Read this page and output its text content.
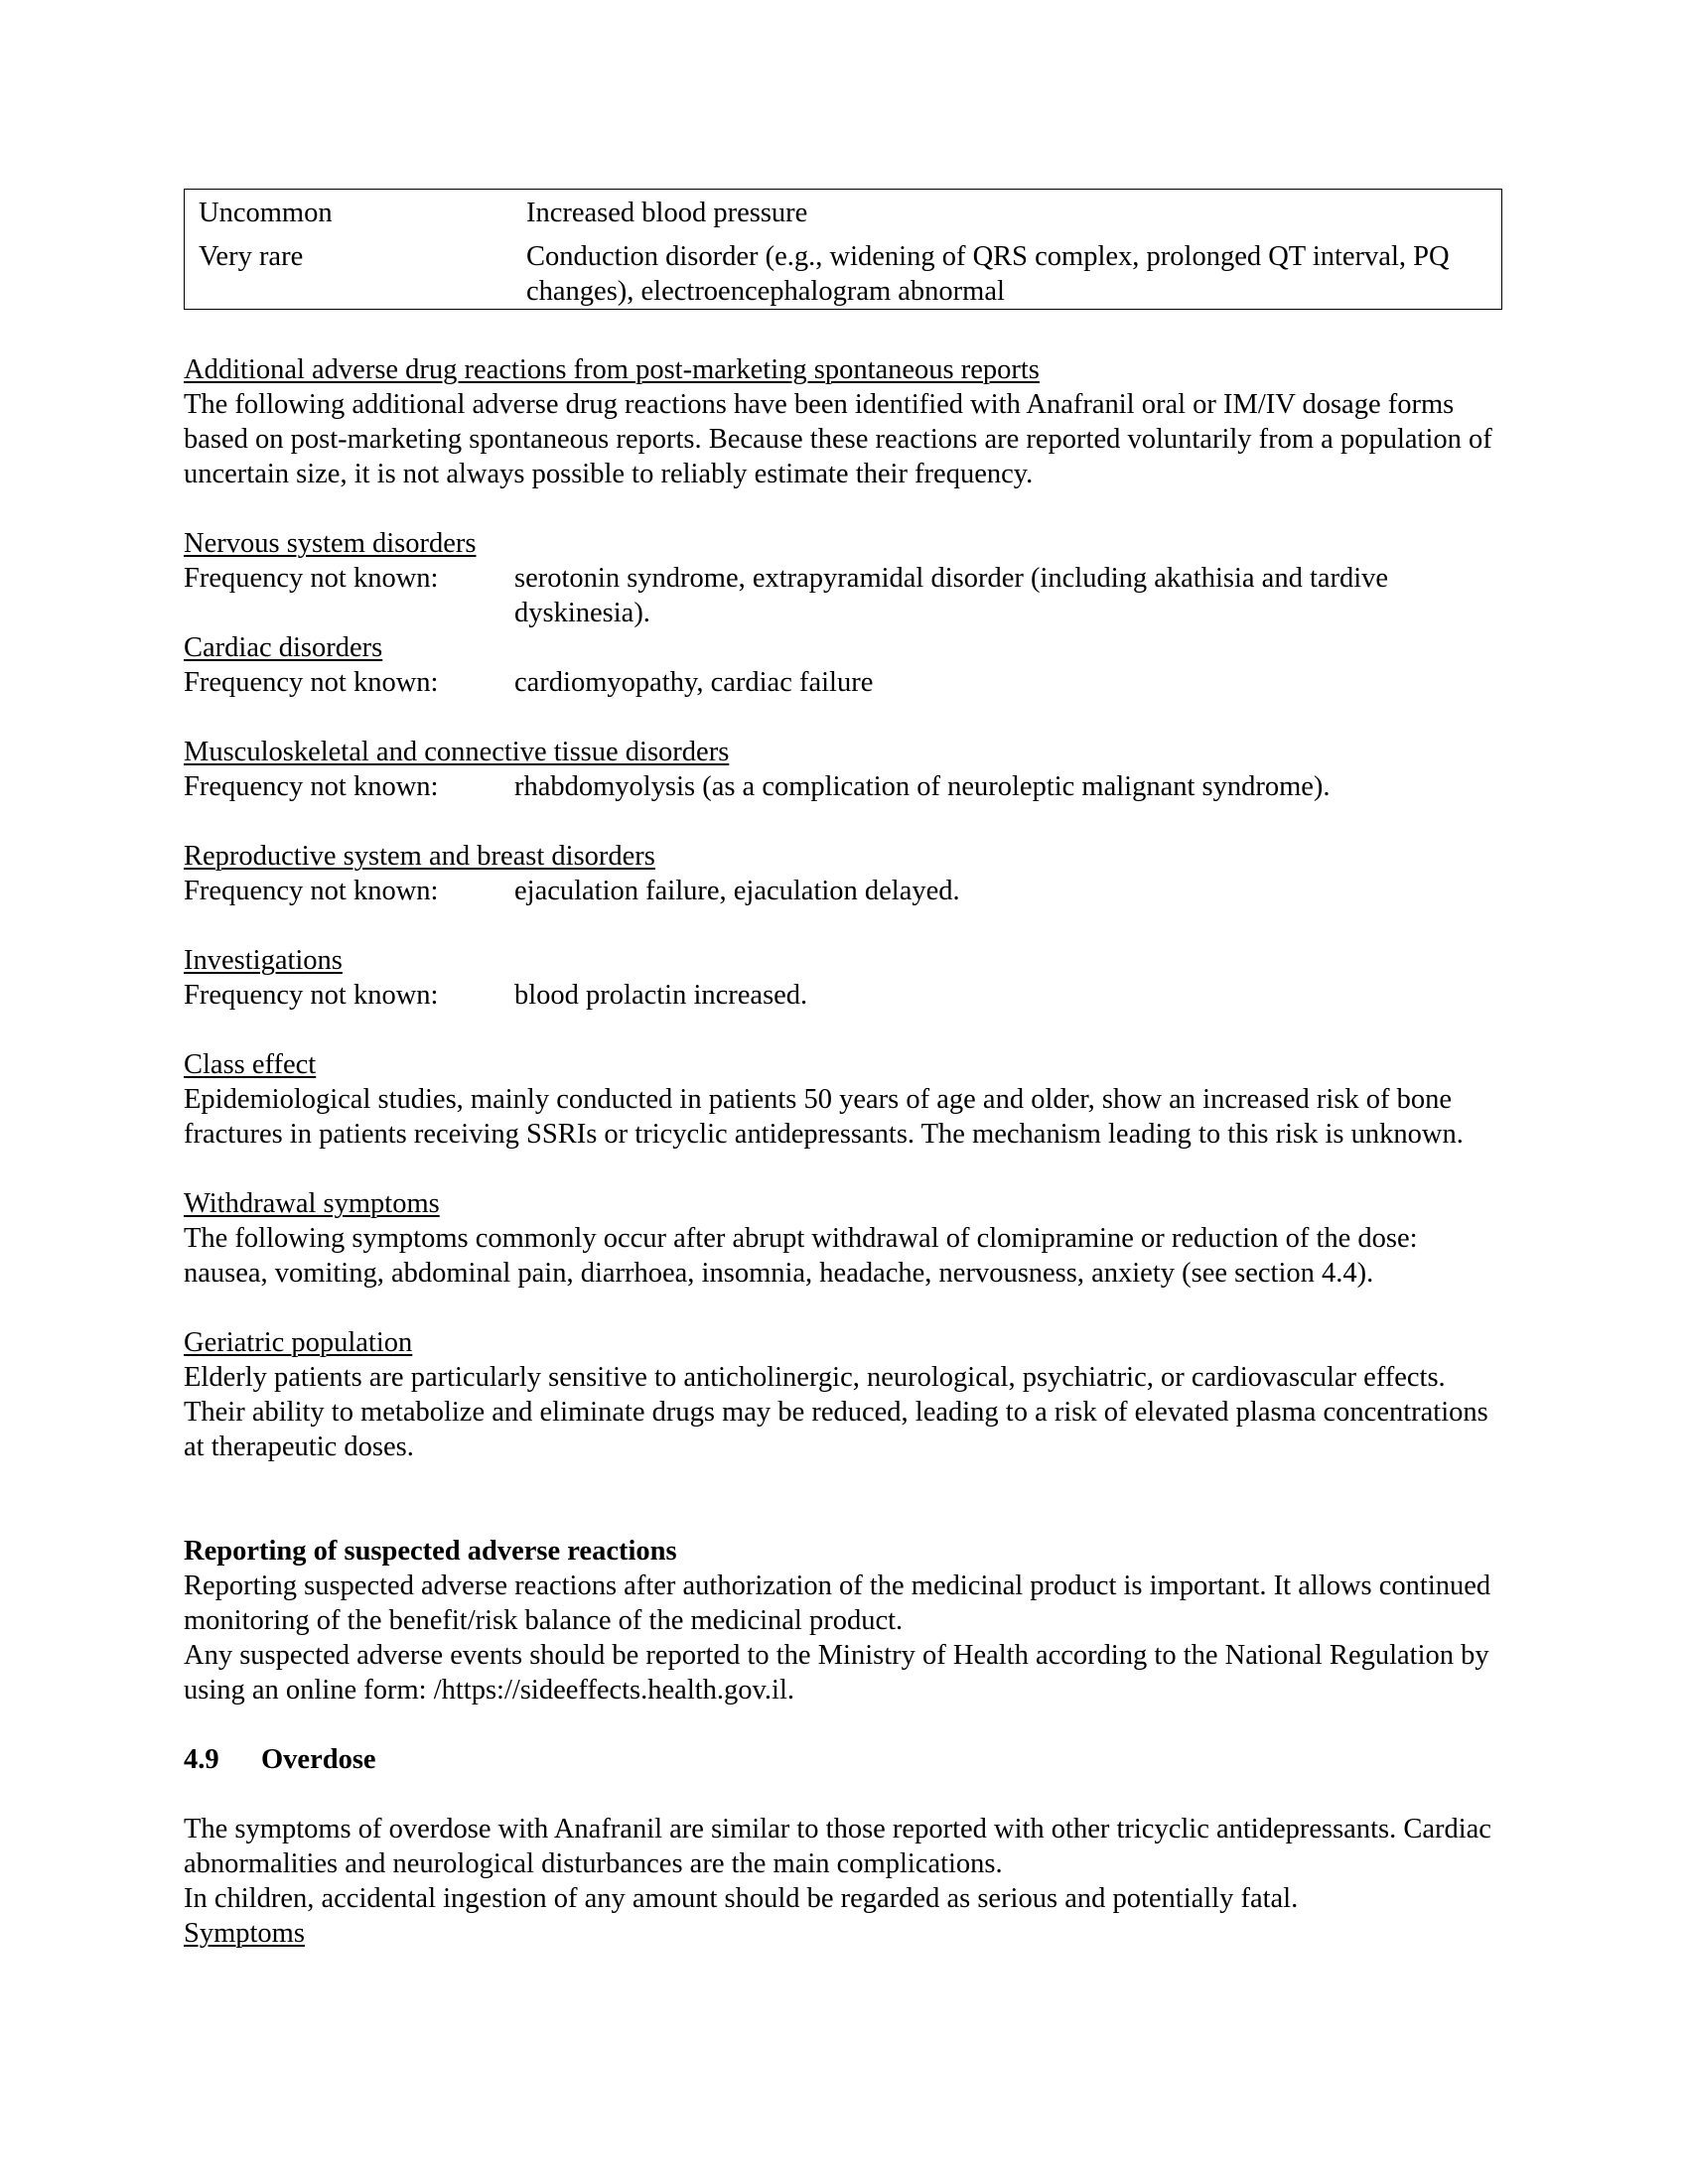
Uncommon	Increased blood pressure
Very rare	Conduction disorder (e.g., widening of QRS complex, prolonged QT interval, PQ changes), electroencephalogram abnormal
Additional adverse drug reactions from post-marketing spontaneous reports
The following additional adverse drug reactions have been identified with Anafranil oral or IM/IV dosage forms based on post-marketing spontaneous reports. Because these reactions are reported voluntarily from a population of uncertain size, it is not always possible to reliably estimate their frequency.
Nervous system disorders
Frequency not known:	serotonin syndrome, extrapyramidal disorder (including akathisia and tardive dyskinesia).
Cardiac disorders
Frequency not known:	cardiomyopathy, cardiac failure
Musculoskeletal and connective tissue disorders
Frequency not known:	rhabdomyolysis (as a complication of neuroleptic malignant syndrome).
Reproductive system and breast disorders
Frequency not known:	ejaculation failure, ejaculation delayed.
Investigations
Frequency not known:	blood prolactin increased.
Class effect
Epidemiological studies, mainly conducted in patients 50 years of age and older, show an increased risk of bone fractures in patients receiving SSRIs or tricyclic antidepressants. The mechanism leading to this risk is unknown.
Withdrawal symptoms
The following symptoms commonly occur after abrupt withdrawal of clomipramine or reduction of the dose: nausea, vomiting, abdominal pain, diarrhoea, insomnia, headache, nervousness, anxiety (see section 4.4).
Geriatric population
Elderly patients are particularly sensitive to anticholinergic, neurological, psychiatric, or cardiovascular effects. Their ability to metabolize and eliminate drugs may be reduced, leading to a risk of elevated plasma concentrations at therapeutic doses.
Reporting of suspected adverse reactions
Reporting suspected adverse reactions after authorization of the medicinal product is important. It allows continued monitoring of the benefit/risk balance of the medicinal product.
Any suspected adverse events should be reported to the Ministry of Health according to the National Regulation by using an online form: /https://sideeffects.health.gov.il.
4.9	Overdose
The symptoms of overdose with Anafranil are similar to those reported with other tricyclic antidepressants. Cardiac abnormalities and neurological disturbances are the main complications.
In children, accidental ingestion of any amount should be regarded as serious and potentially fatal.
Symptoms
